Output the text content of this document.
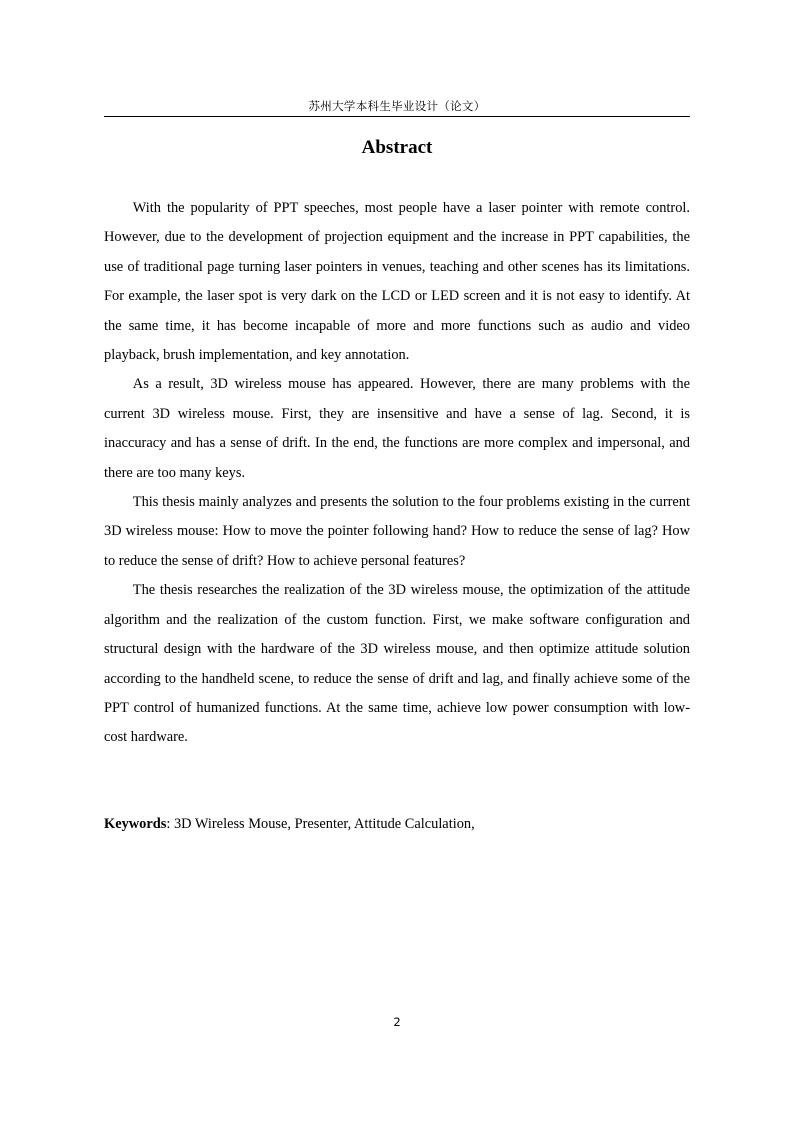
苏州大学本科生毕业设计（论文）
Abstract

With the popularity of PPT speeches, most people have a laser pointer with remote control. However, due to the development of projection equipment and the increase in PPT capabilities, the use of traditional page turning laser pointers in venues, teaching and other scenes has its limitations. For example, the laser spot is very dark on the LCD or LED screen and it is not easy to identify. At the same time, it has become incapable of more and more functions such as audio and video playback, brush implementation, and key annotation.

As a result, 3D wireless mouse has appeared. However, there are many problems with the current 3D wireless mouse. First, they are insensitive and have a sense of lag. Second, it is inaccuracy and has a sense of drift. In the end, the functions are more complex and impersonal, and there are too many keys.

This thesis mainly analyzes and presents the solution to the four problems existing in the current 3D wireless mouse: How to move the pointer following hand? How to reduce the sense of lag? How to reduce the sense of drift? How to achieve personal features?

The thesis researches the realization of the 3D wireless mouse, the optimization of the attitude algorithm and the realization of the custom function. First, we make software configuration and structural design with the hardware of the 3D wireless mouse, and then optimize attitude solution according to the handheld scene, to reduce the sense of drift and lag, and finally achieve some of the PPT control of humanized functions. At the same time, achieve low power consumption with low-cost hardware.

Keywords: 3D Wireless Mouse, Presenter, Attitude Calculation,

2
